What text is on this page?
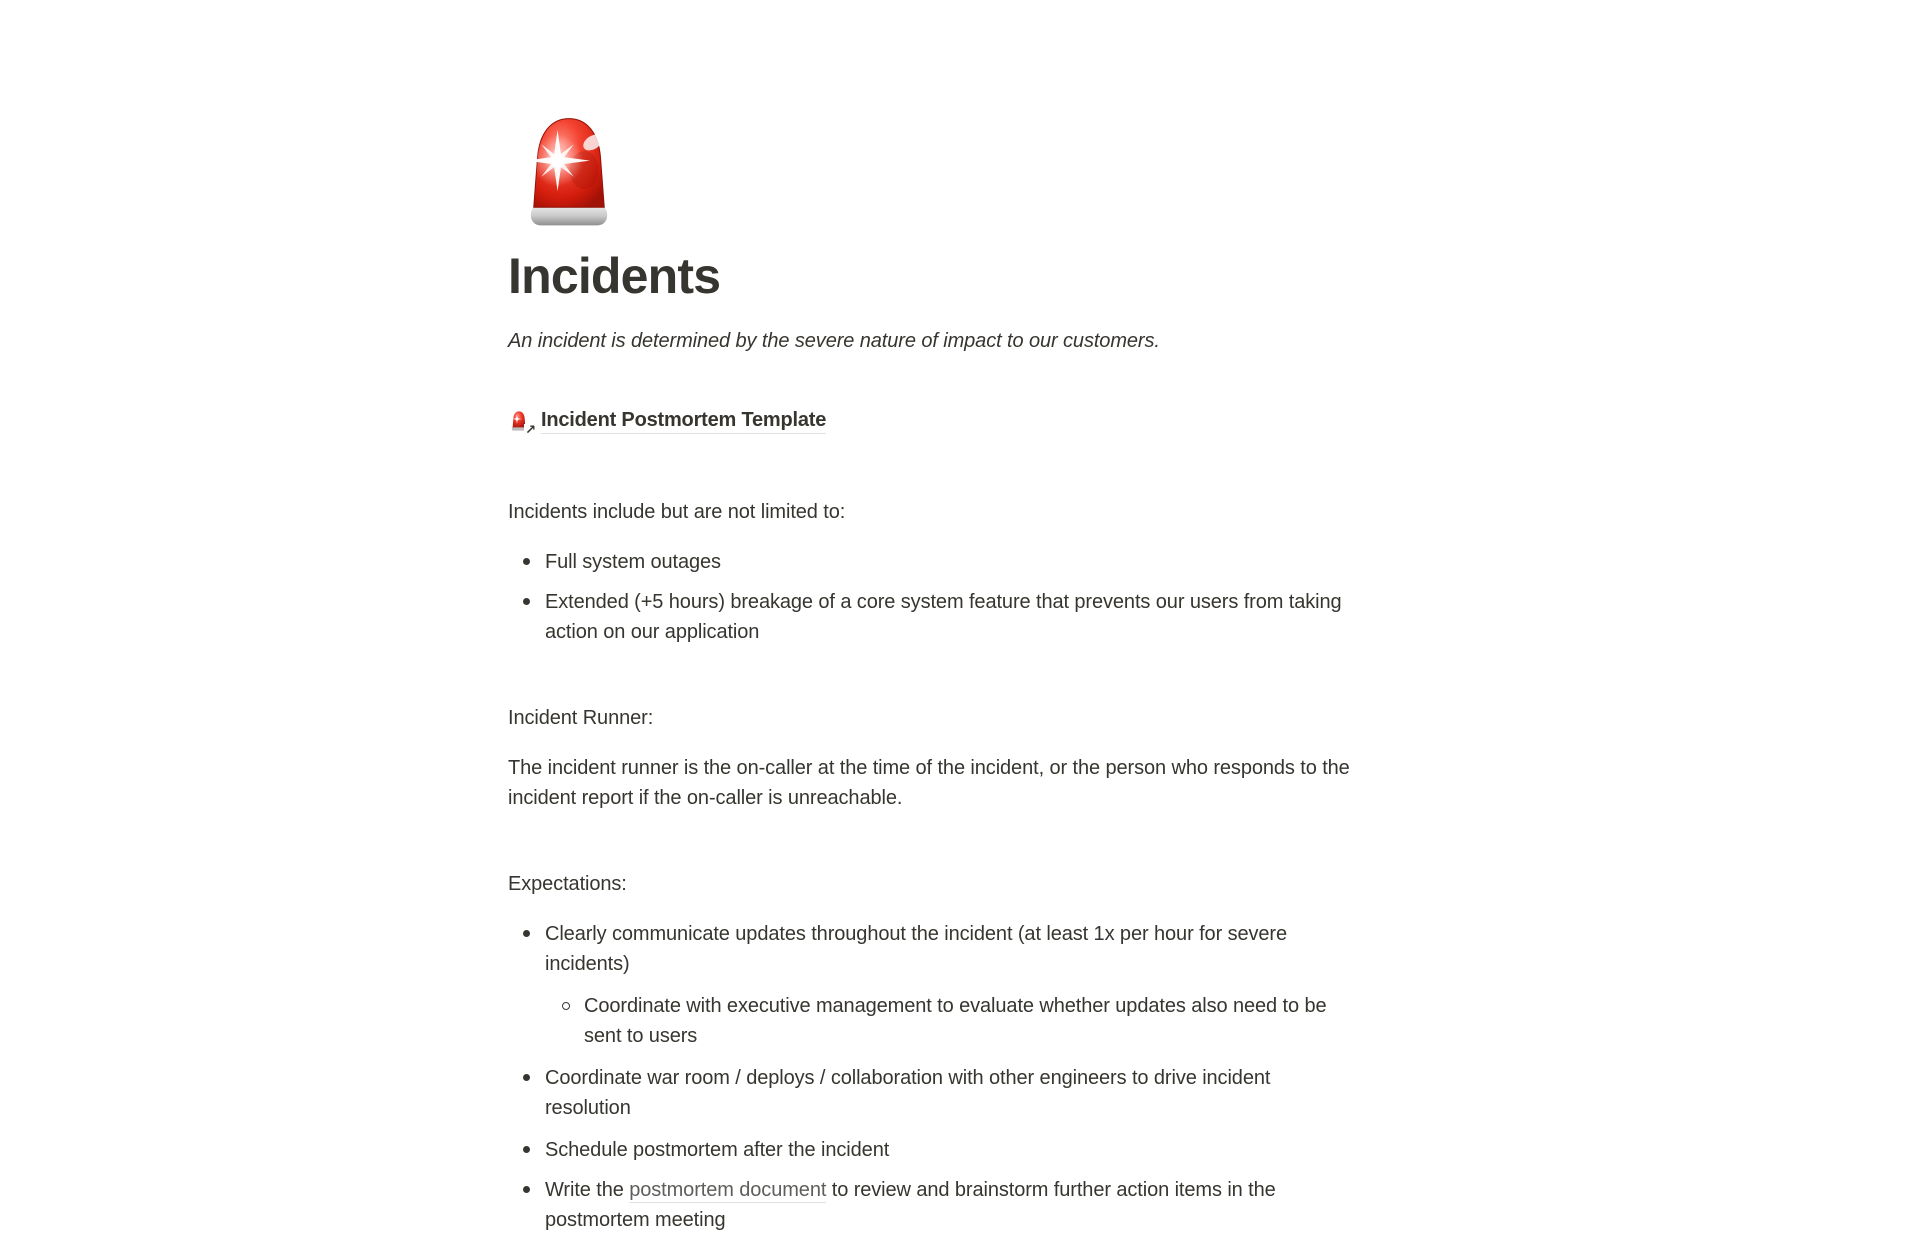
Incidents

An incident is determined by the severe nature of impact to our customers.

↗ Incident Postmortem Template

Incidents include but are not limited to:

Full system outages
Extended (+5 hours) breakage of a core system feature that prevents our users from taking action on our application

Incident Runner:

The incident runner is the on-caller at the time of the incident, or the person who responds to the incident report if the on-caller is unreachable.

Expectations:

Clearly communicate updates throughout the incident (at least 1x per hour for severe incidents)
Coordinate with executive management to evaluate whether updates also need to be sent to users
Coordinate war room / deploys / collaboration with other engineers to drive incident resolution
Schedule postmortem after the incident
Write the postmortem document to review and brainstorm further action items in the postmortem meeting
